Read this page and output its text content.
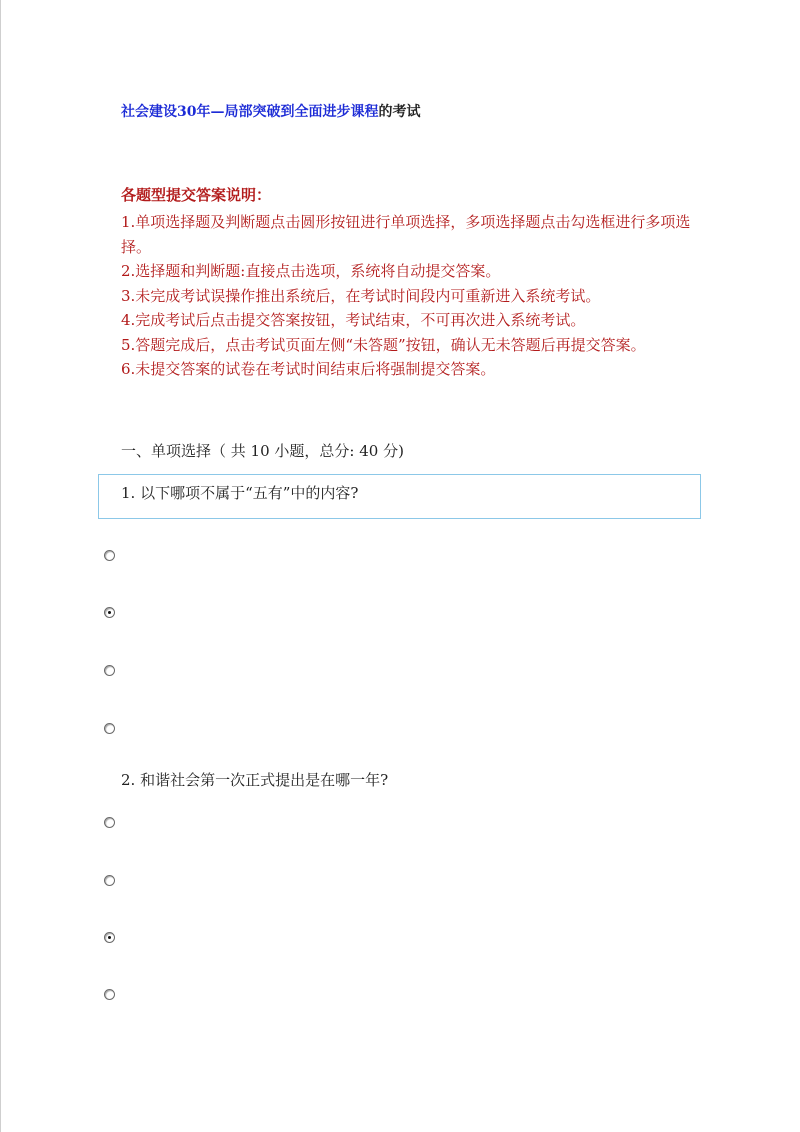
社会建设30年—局部突破到全面进步课程的考试
各题型提交答案说明：
1.单项选择题及判断题点击圆形按钮进行单项选择，多项选择题点击勾选框进行多项选择。
2.选择题和判断题:直接点击选项，系统将自动提交答案。
3.未完成考试误操作推出系统后，在考试时间段内可重新进入系统考试。
4.完成考试后点击提交答案按钮，考试结束，不可再次进入系统考试。
5.答题完成后，点击考试页面左侧“未答题”按钮，确认无未答题后再提交答案。
6.未提交答案的试卷在考试时间结束后将强制提交答案。
一、单项选择（ 共 10 小题，总分: 40 分)
1. 以下哪项不属于“五有”中的内容?
2. 和谐社会第一次正式提出是在哪一年?
